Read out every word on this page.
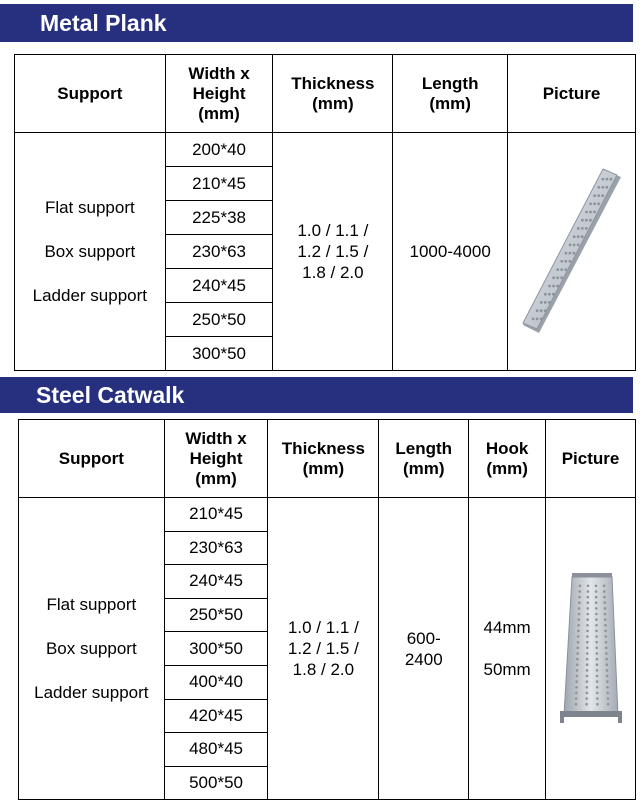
Metal Plank
Support	Width x
Height
(mm)	Thickness
(mm)	Length
(mm)	Picture

Flat support
Box support
Ladder support	200*40	1.0 / 1.1 /
1.2 / 1.5 /
1.8 / 2.0	1000-4000	

	210*45			
	225*38			
	230*63			
	240*45			
	250*50			
	300*50			
Steel Catwalk
Support	Width x
Height
(mm)	Thickness
(mm)	Length
(mm)	Hook
(mm)	Picture

Flat support
Box support
Ladder support	210*45	1.0 / 1.1 /
1.2 / 1.5 /
1.8 / 2.0	600-
2400	44mm
50mm

	230*63				
	240*45				
	250*50				
	300*50				
	400*40				
	420*45				
	480*45				
	500*50				
